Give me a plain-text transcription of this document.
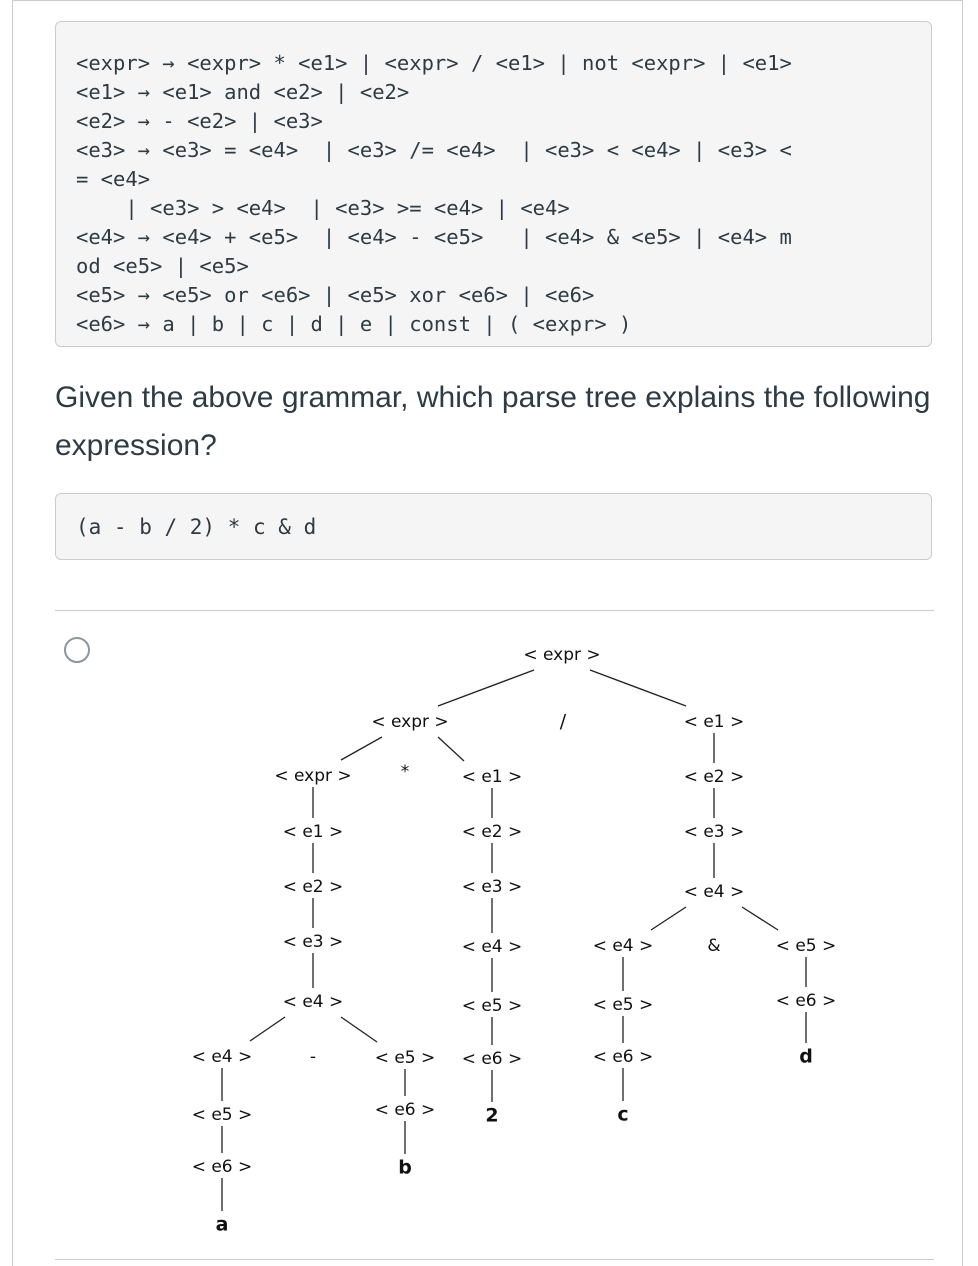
<expr> → <expr> * <e1> | <expr> / <e1> | not <expr> | <e1>
<e1> → <e1> and <e2> | <e2>
<e2> → - <e2> | <e3>
<e3> → <e3> = <e4>  | <e3> /= <e4>  | <e3> < <e4> | <e3> <
= <e4>
| <e3> > <e4>  | <e3> >= <e4> | <e4>
<e4> → <e4> + <e5>  | <e4> - <e5>   | <e4> & <e5> | <e4> m
od <e5> | <e5>
<e5> → <e5> or <e6> | <e5> xor <e6> | <e6>
<e6> → a | b | c | d | e | const | ( <expr> )
Given the above grammar, which parse tree explains the following expression?
(a - b / 2) * c & d
< expr >
< expr >	/	< e1 >
< e2 >
< e3 >
< e4 >
< expr >	*	< e1 >
< e1 >
< e2 >
< e3 >
< e4 >
< e2 >
< e3 >
< e4 >
< e5 >
< e6 >
2
< e4 >
< e5 >
< e6 >
a
-	< e5 >
< e6 >
b
< e4 >
< e5 >
< e6 >
c
&	< e5 >
< e6 >
d
